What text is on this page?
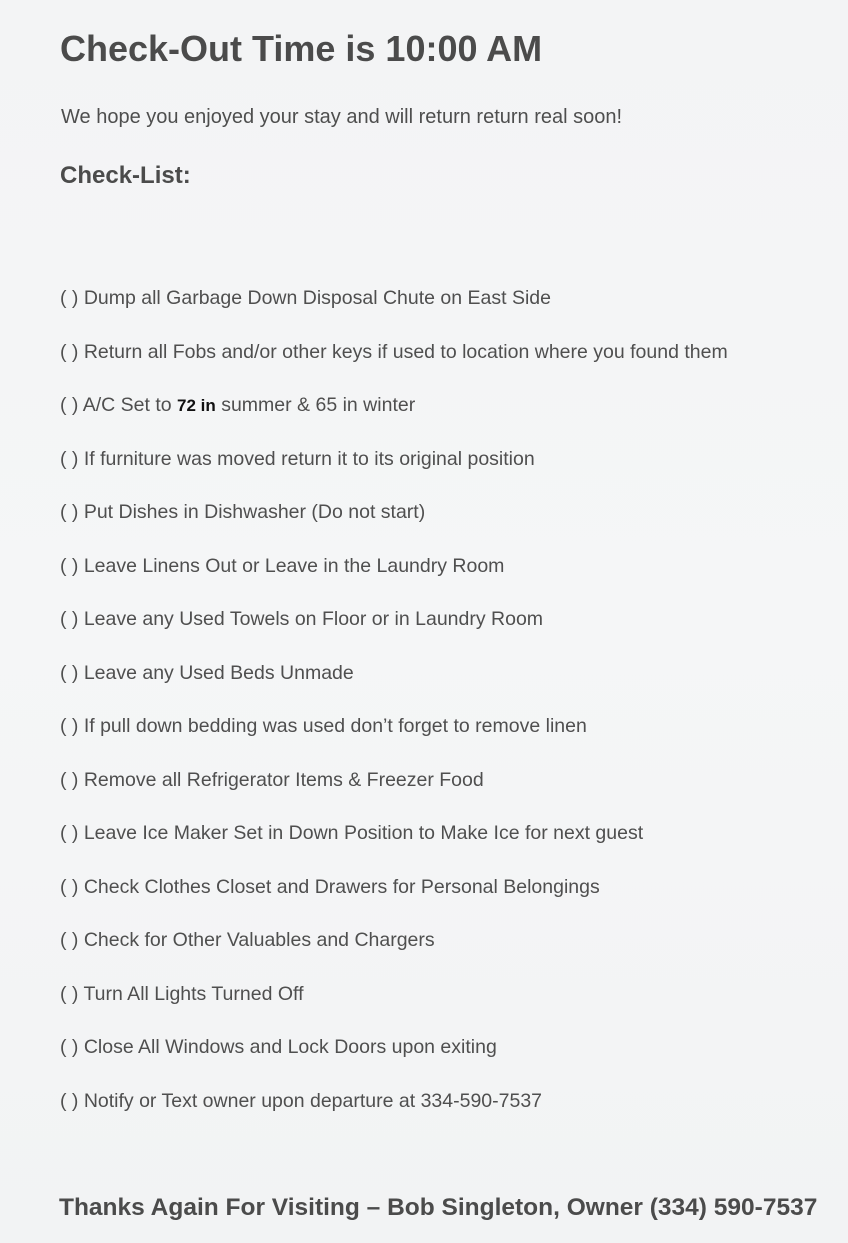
Check-Out Time is 10:00 AM
We hope you enjoyed your stay and will return return real soon!
Check-List:
( ) Dump all Garbage Down Disposal Chute on East Side
( ) Return all Fobs and/or other keys if used to location where you found them
( ) A/C Set to 72 in summer & 65 in winter
( ) If furniture was moved return it to its original position
( ) Put Dishes in Dishwasher (Do not start)
( ) Leave Linens Out or Leave in the Laundry Room
( ) Leave any Used Towels on Floor or in Laundry Room
( ) Leave any Used Beds Unmade
( ) If pull down bedding was used don’t forget to remove linen
( ) Remove all Refrigerator Items & Freezer Food
( ) Leave Ice Maker Set in Down Position to Make Ice for next guest
( ) Check Clothes Closet and Drawers for Personal Belongings
( ) Check for Other Valuables and Chargers
( ) Turn All Lights Turned Off
( ) Close All Windows and Lock Doors upon exiting
( ) Notify or Text owner upon departure at 334-590-7537
Thanks Again For Visiting – Bob Singleton, Owner (334) 590-7537
